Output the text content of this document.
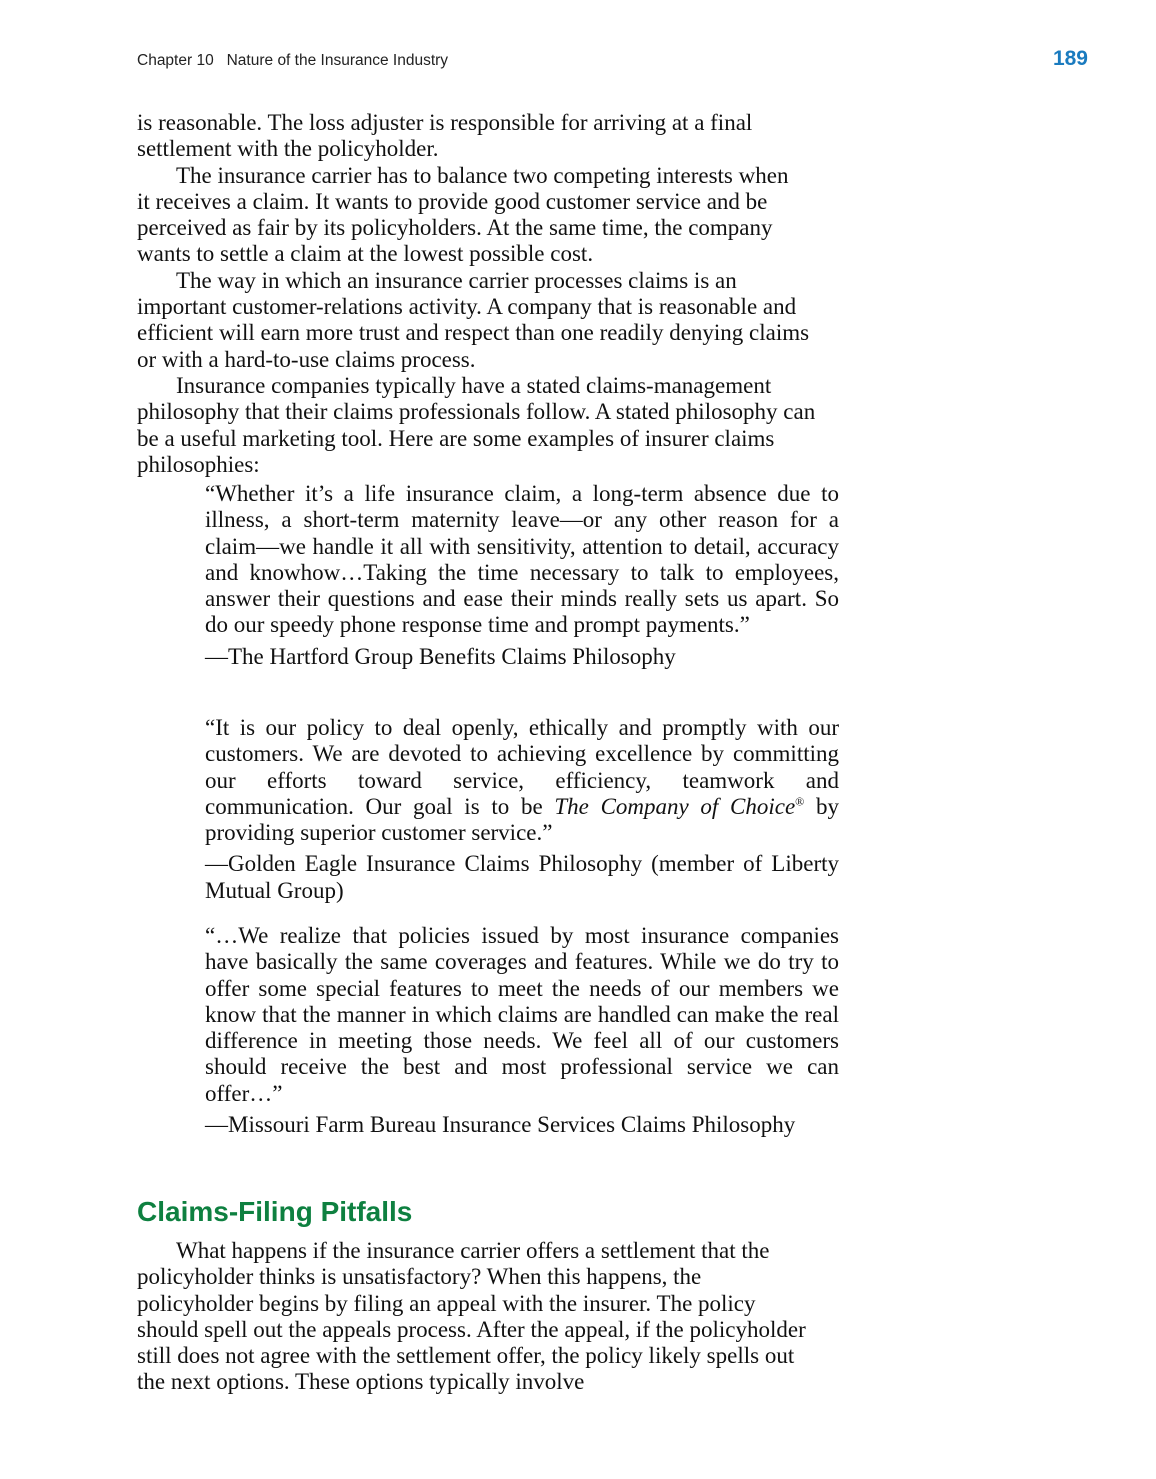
Chapter 10   Nature of the Insurance Industry	189

is reasonable. The loss adjuster is responsible for arriving at a final settlement with the policyholder.

The insurance carrier has to balance two competing interests when it receives a claim. It wants to provide good customer service and be perceived as fair by its policyholders. At the same time, the company wants to settle a claim at the lowest possible cost.

The way in which an insurance carrier processes claims is an important customer-relations activity. A company that is reasonable and efficient will earn more trust and respect than one readily denying claims or with a hard-to-use claims process.

Insurance companies typically have a stated claims-management philosophy that their claims professionals follow. A stated philosophy can be a useful marketing tool. Here are some examples of insurer claims philosophies:

“Whether it’s a life insurance claim, a long-term absence due to illness, a short-term maternity leave—or any other reason for a claim—we handle it all with sensitivity, attention to detail, accuracy and knowhow…Taking the time necessary to talk to employees, answer their questions and ease their minds really sets us apart. So do our speedy phone response time and prompt payments.”

—The Hartford Group Benefits Claims Philosophy

“It is our policy to deal openly, ethically and promptly with our customers. We are devoted to achieving excellence by committing our efforts toward service, efficiency, teamwork and communication. Our goal is to be The Company of Choice® by providing superior customer service.”

—Golden Eagle Insurance Claims Philosophy (member of Liberty Mutual Group)

“…We realize that policies issued by most insurance companies have basically the same coverages and features. While we do try to offer some special features to meet the needs of our members we know that the manner in which claims are handled can make the real difference in meeting those needs. We feel all of our customers should receive the best and most professional service we can offer…”

—Missouri Farm Bureau Insurance Services Claims Philosophy

Claims-Filing Pitfalls

What happens if the insurance carrier offers a settlement that the policyholder thinks is unsatisfactory? When this happens, the policyholder begins by filing an appeal with the insurer. The policy should spell out the appeals process. After the appeal, if the policyholder still does not agree with the settlement offer, the policy likely spells out the next options. These options typically involve
